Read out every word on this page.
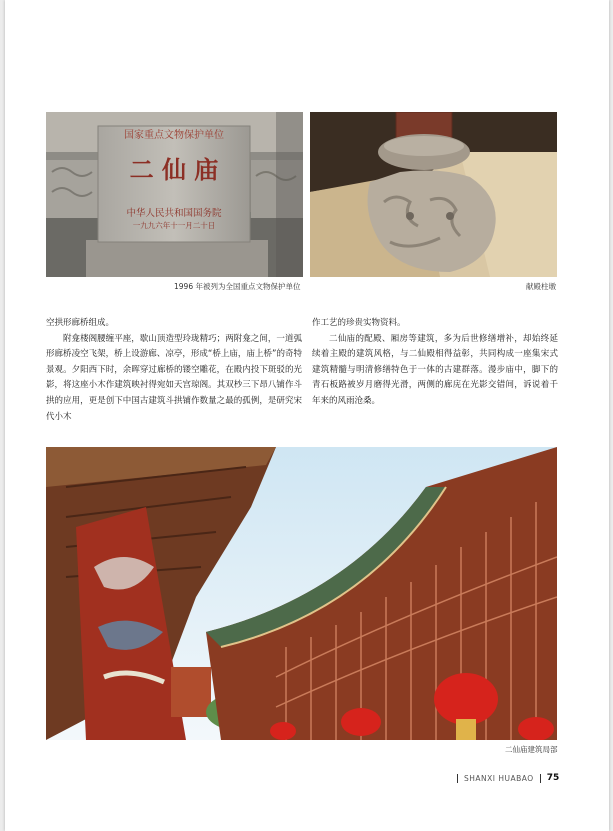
国家重点文物保护单位
二 仙 庙
中华人民共和国国务院
一九九六年十一月二十日
1996 年被列为全国重点文物保护单位	献殿柱墩

空拱形廊桥组成。

附龛楼阁腰缠平座，歇山顶造型玲珑精巧；两附龛之间，一道弧形廊桥凌空飞架，桥上设游廊、凉亭，形成“桥上庙，庙上桥”的奇特景观。夕阳西下时，余晖穿过廊桥的镂空雕花，在殿内投下斑驳的光影，将这座小木作建筑映衬得宛如天宫琼阁。其双杪三下昂八铺作斗拱的应用，更是创下中国古建筑斗拱铺作数量之最的孤例，是研究宋代小木

作工艺的珍贵实物资料。

二仙庙的配殿、厢房等建筑，多为后世修缮增补，却始终延续着主殿的建筑风格，与二仙殿相得益彰，共同构成一座集宋式建筑精髓与明清修缮特色于一体的古建群落。漫步庙中，脚下的青石板路被岁月磨得光滑，两侧的廊庑在光影交错间，诉说着千年来的风雨沧桑。

二仙庙建筑局部
SHANXI HUABAO 75
